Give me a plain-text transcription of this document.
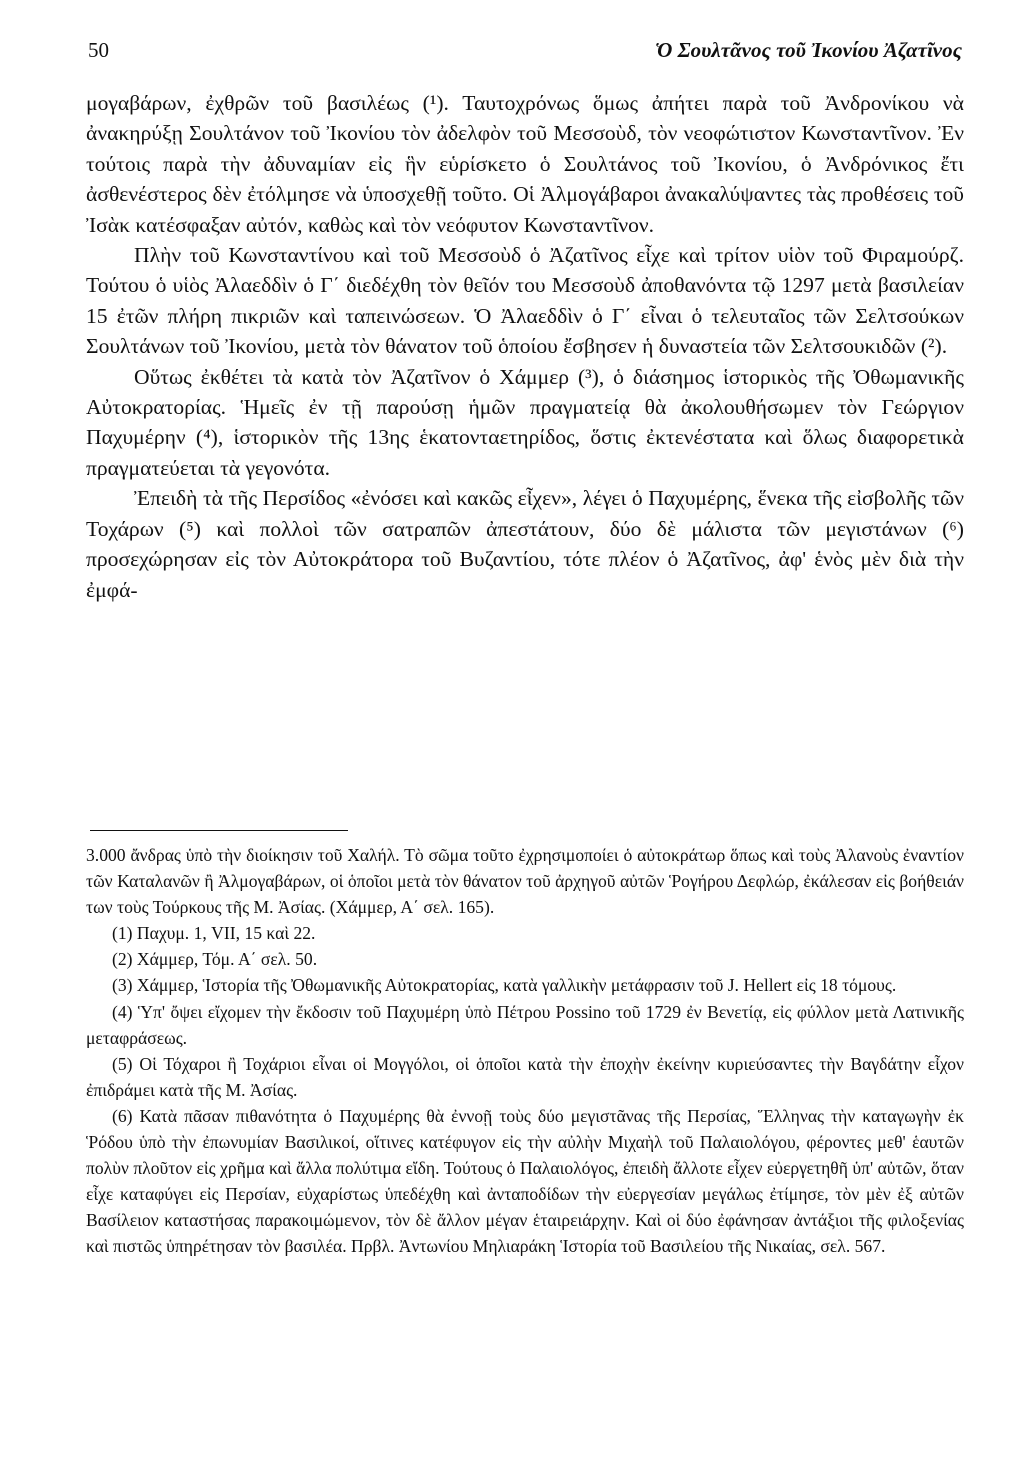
50	Ὁ Σουλτᾶνος τοῦ Ἰκονίου Ἀζατῖνος

μογαβάρων, ἐχθρῶν τοῦ βασιλέως (¹). Ταυτοχρόνως ὅμως ἀπήτει παρὰ τοῦ Ἀνδρονίκου νὰ ἀνακηρύξῃ Σουλτάνον τοῦ Ἰκονίου τὸν ἀδελφὸν τοῦ Μεσσοὺδ, τὸν νεοφώτιστον Κωνσταντῖνον. Ἐν τούτοις παρὰ τὴν ἀδυναμίαν εἰς ἣν εὑρίσκετο ὁ Σουλτάνος τοῦ Ἰκονίου, ὁ Ἀνδρόνικος ἔτι ἀσθενέστερος δὲν ἐτόλμησε νὰ ὑποσχεθῇ τοῦτο. Οἱ Ἀλμογάβαροι ἀνακαλύψαντες τὰς προθέσεις τοῦ Ἰσὰκ κατέσφαξαν αὐτόν, καθὼς καὶ τὸν νεόφυτον Κωνσταντῖνον.

Πλὴν τοῦ Κωνσταντίνου καὶ τοῦ Μεσσοὺδ ὁ Ἀζατῖνος εἶχε καὶ τρίτον υἱὸν τοῦ Φιραμούρζ. Τούτου ὁ υἱὸς Ἀλαεδδὶν ὁ Γ΄ διεδέχθη τὸν θεῖόν του Μεσσοὺδ ἀποθανόντα τῷ 1297 μετὰ βασιλείαν 15 ἐτῶν πλήρη πικριῶν καὶ ταπεινώσεων. Ὁ Ἀλαεδδὶν ὁ Γ΄ εἶναι ὁ τελευταῖος τῶν Σελτσούκων Σουλτάνων τοῦ Ἰκονίου, μετὰ τὸν θάνατον τοῦ ὁποίου ἔσβησεν ἡ δυναστεία τῶν Σελτσουκιδῶν (²).

Οὕτως ἐκθέτει τὰ κατὰ τὸν Ἀζατῖνον ὁ Χάμμερ (³), ὁ διάσημος ἱστορικὸς τῆς Ὀθωμανικῆς Αὐτοκρατορίας. Ἡμεῖς ἐν τῇ παρούσῃ ἡμῶν πραγματείᾳ θὰ ἀκολουθήσωμεν τὸν Γεώργιον Παχυμέρην (⁴), ἱστορικὸν τῆς 13ης ἑκατονταετηρίδος, ὅστις ἐκτενέστατα καὶ ὅλως διαφορετικὰ πραγματεύεται τὰ γεγονότα.

Ἐπειδὴ τὰ τῆς Περσίδος «ἐνόσει καὶ κακῶς εἶχεν», λέγει ὁ Παχυμέρης, ἕνεκα τῆς εἰσβολῆς τῶν Τοχάρων (⁵) καὶ πολλοὶ τῶν σατραπῶν ἀπεστάτουν, δύο δὲ μάλιστα τῶν μεγιστάνων (⁶) προσεχώρησαν εἰς τὸν Αὐτοκράτορα τοῦ Βυζαντίου, τότε πλέον ὁ Ἀζατῖνος, ἀφ' ἑνὸς μὲν διὰ τὴν ἐμφά-

3.000 ἄνδρας ὑπὸ τὴν διοίκησιν τοῦ Χαλήλ. Τὸ σῶμα τοῦτο ἐχρησιμοποίει ὁ αὐτοκράτωρ ὅπως καὶ τοὺς Ἀλανοὺς ἐναντίον τῶν Καταλανῶν ἢ Ἀλμογαβάρων, οἱ ὁποῖοι μετὰ τὸν θάνατον τοῦ ἀρχηγοῦ αὐτῶν Ῥογήρου Δεφλώρ, ἐκάλεσαν εἰς βοήθειάν των τοὺς Τούρκους τῆς Μ. Ἀσίας. (Χάμμερ, Α΄ σελ. 165).

(1) Παχυμ. 1, VII, 15 καὶ 22.

(2) Χάμμερ, Τόμ. Α΄ σελ. 50.

(3) Χάμμερ, Ἱστορία τῆς Ὀθωμανικῆς Αὐτοκρατορίας, κατὰ γαλλικὴν μετάφρασιν τοῦ J. Hellert εἰς 18 τόμους.

(4) Ὑπ' ὄψει εἴχομεν τὴν ἔκδοσιν τοῦ Παχυμέρη ὑπὸ Πέτρου Possino τοῦ 1729 ἐν Βενετίᾳ, εἰς φύλλον μετὰ Λατινικῆς μεταφράσεως.

(5) Οἱ Τόχαροι ἢ Τοχάριοι εἶναι οἱ Μογγόλοι, οἱ ὁποῖοι κατὰ τὴν ἐποχὴν ἐκείνην κυριεύσαντες τὴν Βαγδάτην εἶχον ἐπιδράμει κατὰ τῆς Μ. Ἀσίας.

(6) Κατὰ πᾶσαν πιθανότητα ὁ Παχυμέρης θὰ ἐννοῇ τοὺς δύο μεγιστᾶνας τῆς Περσίας, Ἕλληνας τὴν καταγωγὴν ἐκ Ῥόδου ὑπὸ τὴν ἐπωνυμίαν Βασιλικοί, οἵτινες κατέφυγον εἰς τὴν αὐλὴν Μιχαὴλ τοῦ Παλαιολόγου, φέροντες μεθ' ἑαυτῶν πολὺν πλοῦτον εἰς χρῆμα καὶ ἄλλα πολύτιμα εἴδη. Τούτους ὁ Παλαιολόγος, ἐπειδὴ ἄλλοτε εἶχεν εὐεργετηθῆ ὑπ' αὐτῶν, ὅταν εἶχε καταφύγει εἰς Περσίαν, εὐχαρίστως ὑπεδέχθη καὶ ἀνταποδίδων τὴν εὐεργεσίαν μεγάλως ἐτίμησε, τὸν μὲν ἐξ αὐτῶν Βασίλειον καταστήσας παρακοιμώμενον, τὸν δὲ ἄλλον μέγαν ἑταιρειάρχην. Καὶ οἱ δύο ἐφάνησαν ἀντάξιοι τῆς φιλοξενίας καὶ πιστῶς ὑπηρέτησαν τὸν βασιλέα. Πρβλ. Ἀντωνίου Μηλιαράκη Ἱστορία τοῦ Βασιλείου τῆς Νικαίας, σελ. 567.
